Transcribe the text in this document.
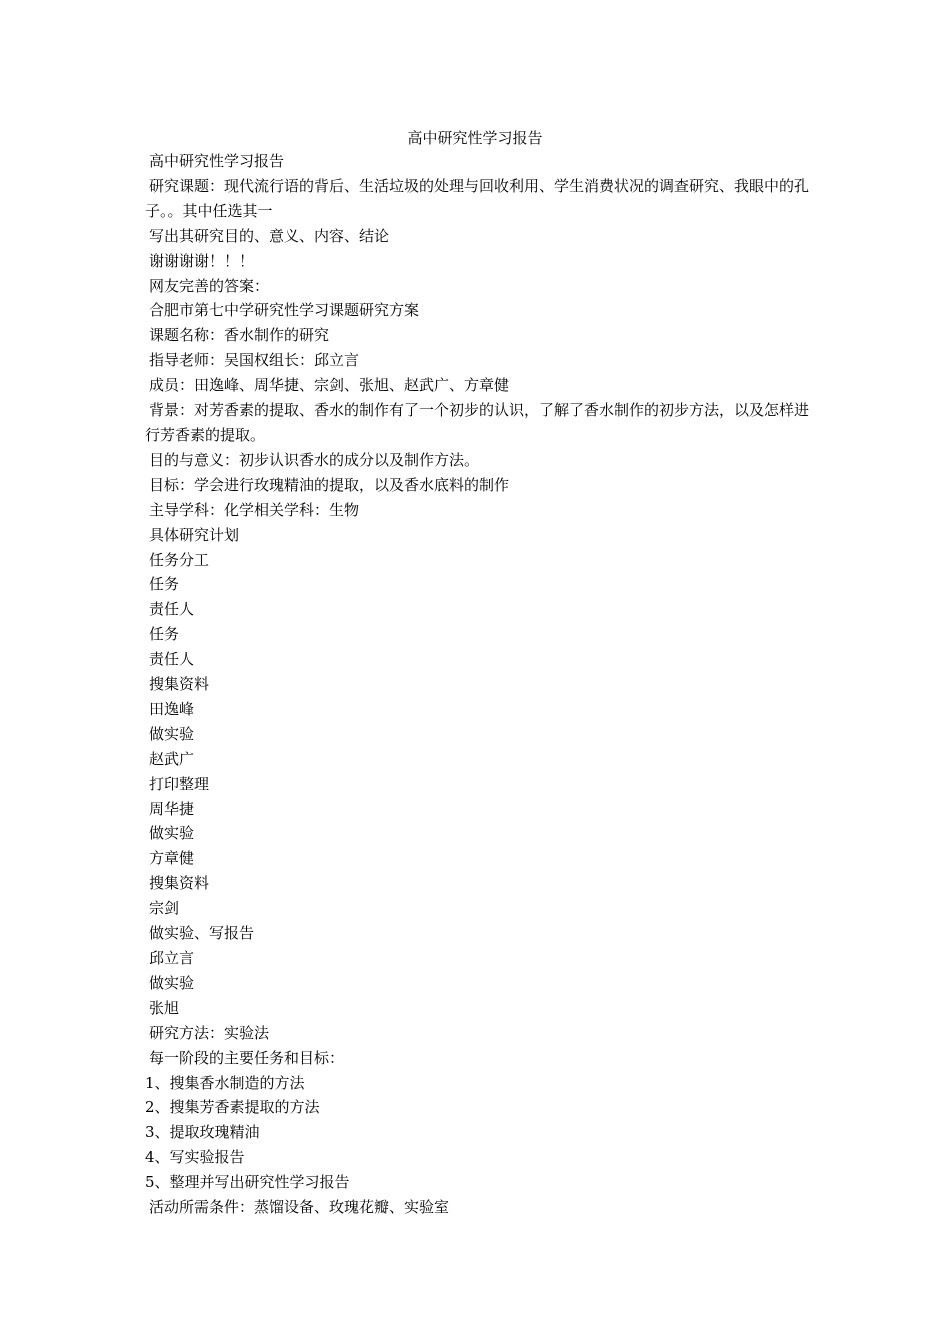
高中研究性学习报告

高中研究性学习报告

研究课题：现代流行语的背后、生活垃圾的处理与回收利用、学生消费状况的调查研究、我眼中的孔子。。其中任选其一

写出其研究目的、意义、内容、结论

谢谢谢谢！！！

网友完善的答案：

合肥市第七中学研究性学习课题研究方案

课题名称：香水制作的研究

指导老师：吴国权组长：邱立言

成员：田逸峰、周华捷、宗剑、张旭、赵武广、方章健

背景：对芳香素的提取、香水的制作有了一个初步的认识，了解了香水制作的初步方法，以及怎样进行芳香素的提取。

目的与意义：初步认识香水的成分以及制作方法。

目标：学会进行玫瑰精油的提取，以及香水底料的制作

主导学科：化学相关学科：生物

具体研究计划

任务分工

任务

责任人

任务

责任人

搜集资料

田逸峰

做实验

赵武广

打印整理

周华捷

做实验

方章健

搜集资料

宗剑

做实验、写报告

邱立言

做实验

张旭

研究方法：实验法

每一阶段的主要任务和目标：

1、搜集香水制造的方法

2、搜集芳香素提取的方法

3、提取玫瑰精油

4、写实验报告

5、整理并写出研究性学习报告

活动所需条件：蒸馏设备、玫瑰花瓣、实验室
